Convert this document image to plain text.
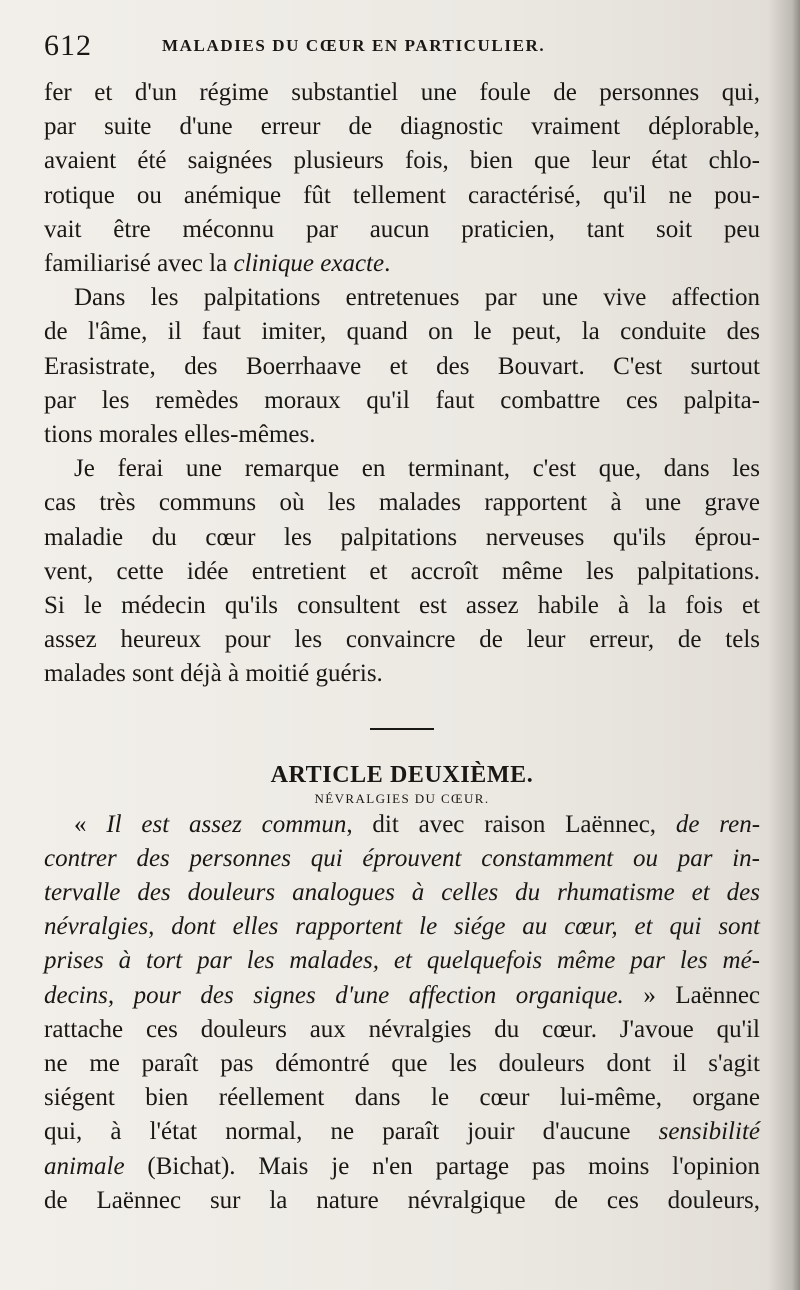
612	MALADIES DU CŒUR EN PARTICULIER.

fer et d'un régime substantiel une foule de personnes qui,
par suite d'une erreur de diagnostic vraiment déplorable,
avaient été saignées plusieurs fois, bien que leur état chlo-
rotique ou anémique fût tellement caractérisé, qu'il ne pou-
vait être méconnu par aucun praticien, tant soit peu
familiarisé avec la clinique exacte.

Dans les palpitations entretenues par une vive affection
de l'âme, il faut imiter, quand on le peut, la conduite des
Erasistrate, des Boerrhaave et des Bouvart. C'est surtout
par les remèdes moraux qu'il faut combattre ces palpita-
tions morales elles-mêmes.

Je ferai une remarque en terminant, c'est que, dans les
cas très communs où les malades rapportent à une grave
maladie du cœur les palpitations nerveuses qu'ils éprou-
vent, cette idée entretient et accroît même les palpitations.
Si le médecin qu'ils consultent est assez habile à la fois et
assez heureux pour les convaincre de leur erreur, de tels
malades sont déjà à moitié guéris.

ARTICLE DEUXIÈME.

NÉVRALGIES DU CŒUR.

« Il est assez commun, dit avec raison Laënnec, de ren-
contrer des personnes qui éprouvent constamment ou par in-
tervalle des douleurs analogues à celles du rhumatisme et des
névralgies, dont elles rapportent le siége au cœur, et qui sont
prises à tort par les malades, et quelquefois même par les mé-
decins, pour des signes d'une affection organique. » Laënnec
rattache ces douleurs aux névralgies du cœur. J'avoue qu'il
ne me paraît pas démontré que les douleurs dont il s'agit
siégent bien réellement dans le cœur lui-même, organe
qui, à l'état normal, ne paraît jouir d'aucune sensibilité
animale (Bichat). Mais je n'en partage pas moins l'opinion
de Laënnec sur la nature névralgique de ces douleurs,
